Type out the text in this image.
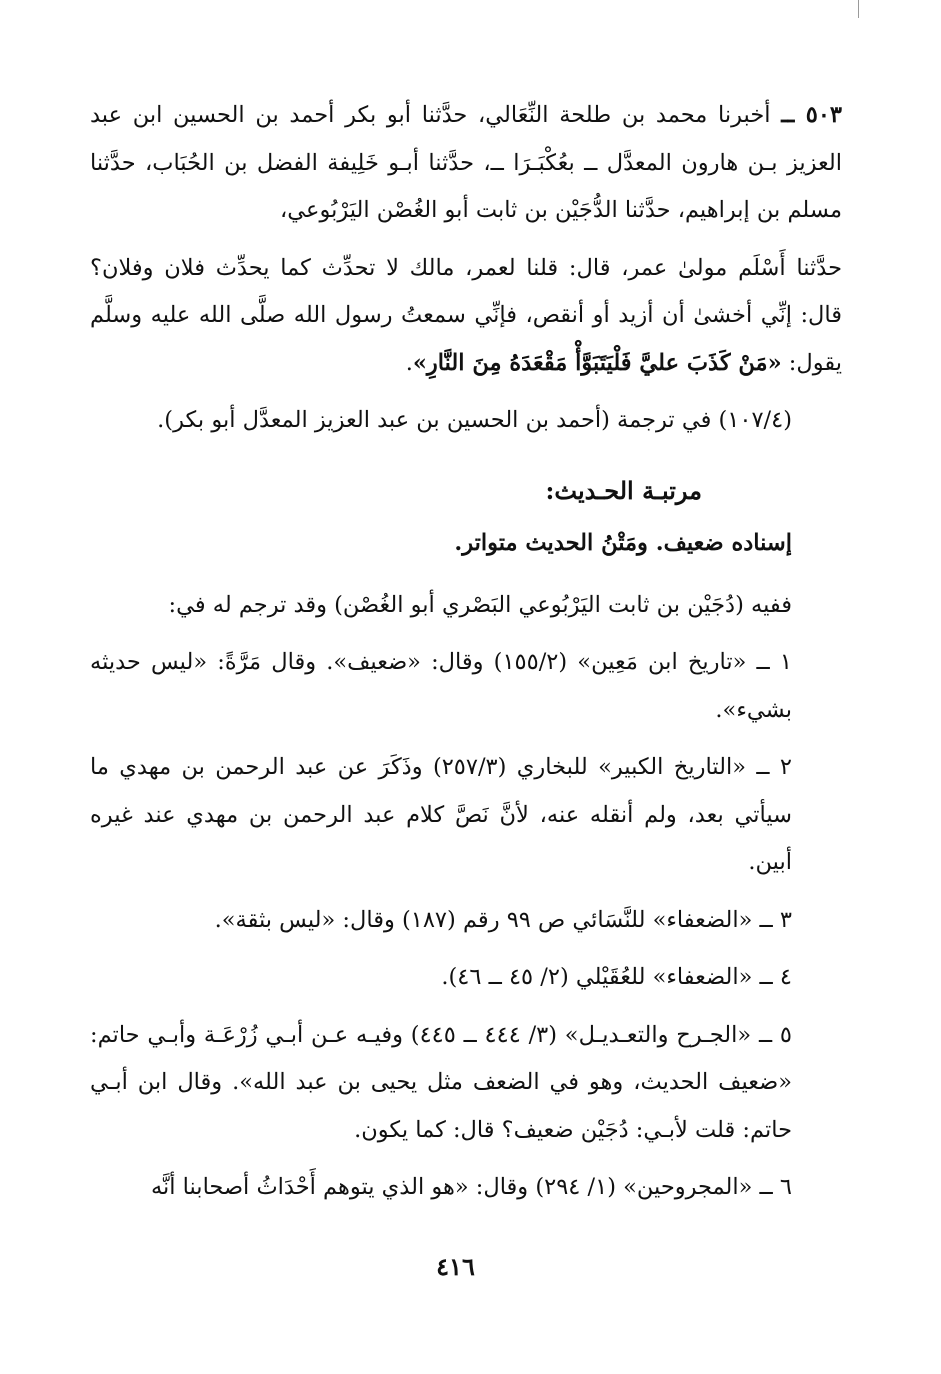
٥٠٣ ــ أخبرنا محمد بن طلحة النِّعَالي، حدَّثنا أبو بكر أحمد بن الحسين ابن عبد العزيز بـن هارون المعدَّل ــ بعُكْبَـرَا ــ، حدَّثنا أبـو خَلِيفة الفضل بن الحُبَاب، حدَّثنا مسلم بن إبراهيم، حدَّثنا الدُّجَيْن بن ثابت أبو الغُصْن اليَرْبُوعي،

حدَّثنا أَسْلَم مولىٰ عمر، قال: قلنا لعمر، مالك لا تحدِّث كما يحدِّث فلان وفلان؟ قال: إنِّي أخشىٰ أن أزيد أو أنقص، فإنِّي سمعتُ رسول الله صلَّى الله عليه وسلَّم يقول: «مَنْ كَذَبَ عليَّ فَلْيَتَبَوَّأْ مَقْعَدَهُ مِنَ النَّارِ».

(١٠٧/٤) في ترجمة (أحمد بن الحسين بن عبد العزيز المعدَّل أبو بكر).

مرتبـة الحـديث:

إسناده ضعيف. ومَتْنُ الحديث متواتر.

ففيه (دُجَيْن بن ثابت اليَرْبُوعي البَصْري أبو الغُصْن) وقد ترجم له في:

١ ــ «تاريخ ابن مَعِين» (١٥٥/٢) وقال: «ضعيف». وقال مَرَّةً: «ليس حديثه بشيء».

٢ ــ «التاريخ الكبير» للبخاري (٢٥٧/٣) وذَكَرَ عن عبد الرحمن بن مهدي ما سيأتي بعد، ولم أنقله عنه، لأنَّ نَصَّ كلام عبد الرحمن بن مهدي عند غيره أبين.

٣ ــ «الضعفاء» للنَّسَائي ص ٩٩ رقم (١٨٧) وقال: «ليس بثقة».

٤ ــ «الضعفاء» للعُقَيْلي (٢/ ٤٥ ــ ٤٦).

٥ ــ «الجـرح والتعـديـل» (٣/ ٤٤٤ ــ ٤٤٥) وفيـه عـن أبـي زُرْعَـة وأبـي حاتم: «ضعيف الحديث، وهو في الضعف مثل يحيى بن عبد الله». وقال ابن أبـي حاتم: قلت لأبـي: دُجَيْن ضعيف؟ قال: كما يكون.

٦ ــ «المجروحين» (١/ ٢٩٤) وقال: «هو الذي يتوهم أَحْدَاثُ أصحابنا أنَّه

٤١٦
